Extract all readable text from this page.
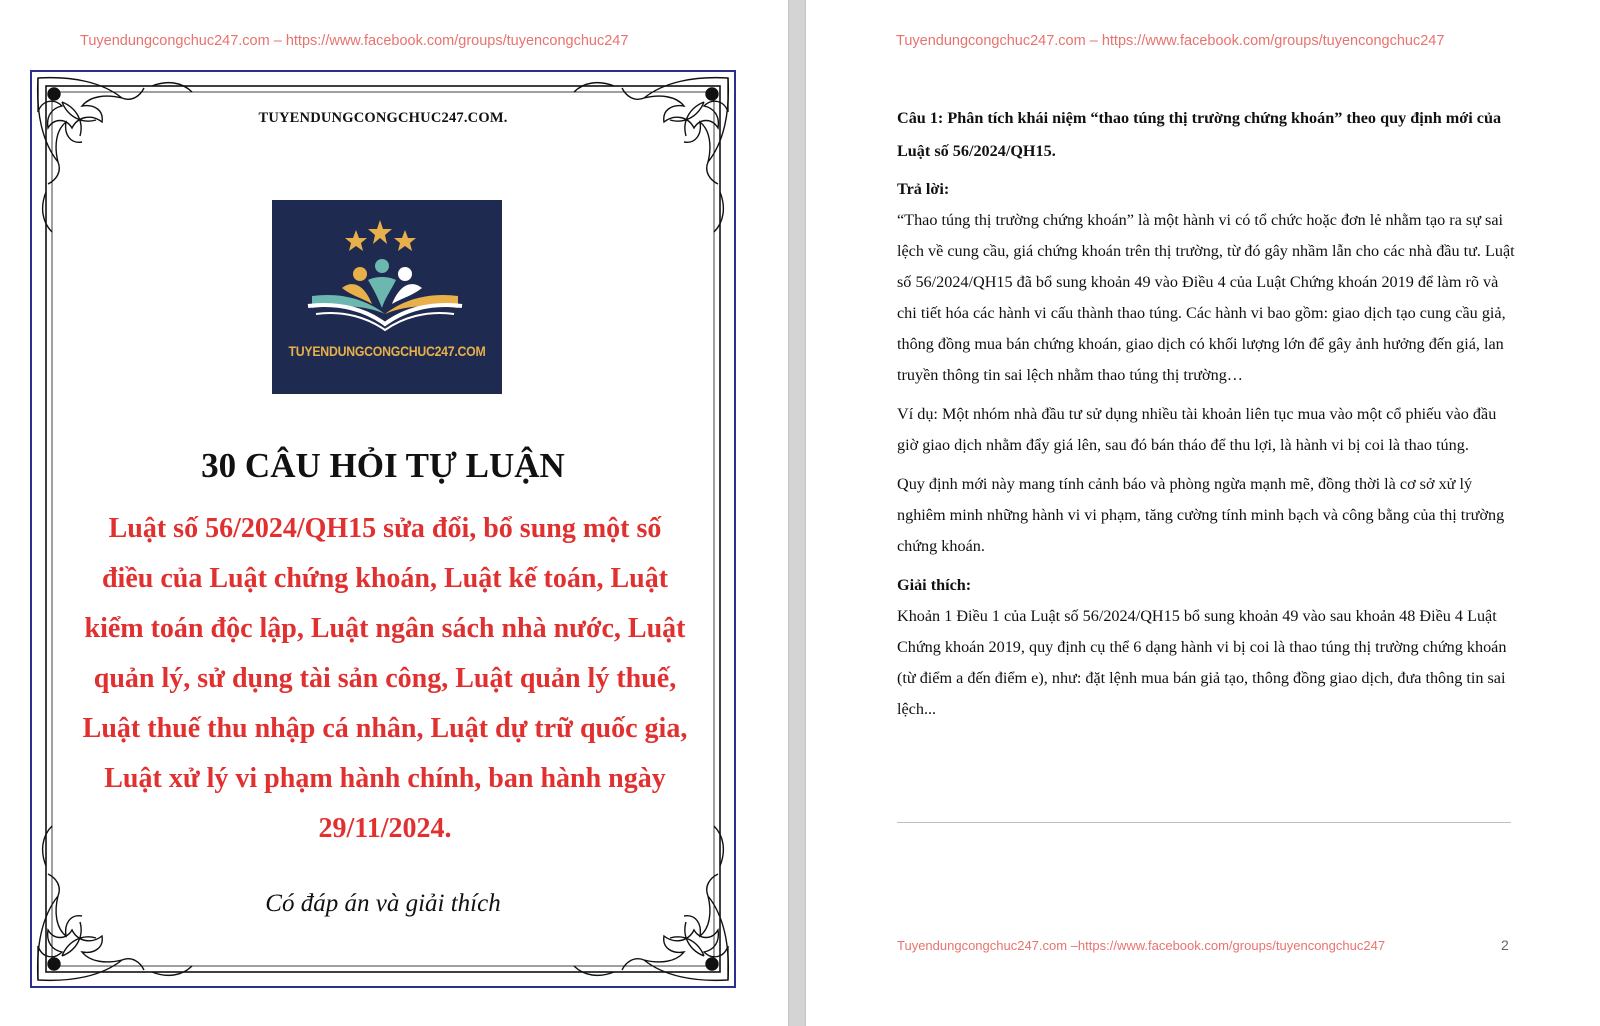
Tuyendungcongchuc247.com – https://www.facebook.com/groups/tuyencongchuc247
TUYENDUNGCONGCHUC247.COM.
TUYENDUNGCONGCHUC247.COM
30 CÂU HỎI TỰ LUẬN
Luật số 56/2024/QH15 sửa đổi, bổ sung một số điều của Luật chứng khoán, Luật kế toán, Luật kiểm toán độc lập, Luật ngân sách nhà nước, Luật quản lý, sử dụng tài sản công, Luật quản lý thuế, Luật thuế thu nhập cá nhân, Luật dự trữ quốc gia, Luật xử lý vi phạm hành chính, ban hành ngày 29/11/2024.
Có đáp án và giải thích
Tuyendungcongchuc247.com – https://www.facebook.com/groups/tuyencongchuc247

Câu 1: Phân tích khái niệm “thao túng thị trường chứng khoán” theo quy định mới của Luật số 56/2024/QH15.

Trả lời:

“Thao túng thị trường chứng khoán” là một hành vi có tổ chức hoặc đơn lẻ nhằm tạo ra sự sai lệch về cung cầu, giá chứng khoán trên thị trường, từ đó gây nhầm lẫn cho các nhà đầu tư. Luật số 56/2024/QH15 đã bổ sung khoản 49 vào Điều 4 của Luật Chứng khoán 2019 để làm rõ và chi tiết hóa các hành vi cấu thành thao túng. Các hành vi bao gồm: giao dịch tạo cung cầu giả, thông đồng mua bán chứng khoán, giao dịch có khối lượng lớn để gây ảnh hưởng đến giá, lan truyền thông tin sai lệch nhằm thao túng thị trường…

Ví dụ: Một nhóm nhà đầu tư sử dụng nhiều tài khoản liên tục mua vào một cổ phiếu vào đầu giờ giao dịch nhằm đẩy giá lên, sau đó bán tháo để thu lợi, là hành vi bị coi là thao túng.

Quy định mới này mang tính cảnh báo và phòng ngừa mạnh mẽ, đồng thời là cơ sở xử lý nghiêm minh những hành vi vi phạm, tăng cường tính minh bạch và công bằng của thị trường chứng khoán.

Giải thích:

Khoản 1 Điều 1 của Luật số 56/2024/QH15 bổ sung khoản 49 vào sau khoản 48 Điều 4 Luật Chứng khoán 2019, quy định cụ thể 6 dạng hành vi bị coi là thao túng thị trường chứng khoán (từ điểm a đến điểm e), như: đặt lệnh mua bán giả tạo, thông đồng giao dịch, đưa thông tin sai lệch...

Tuyendungcongchuc247.com –https://www.facebook.com/groups/tuyencongchuc247	2
